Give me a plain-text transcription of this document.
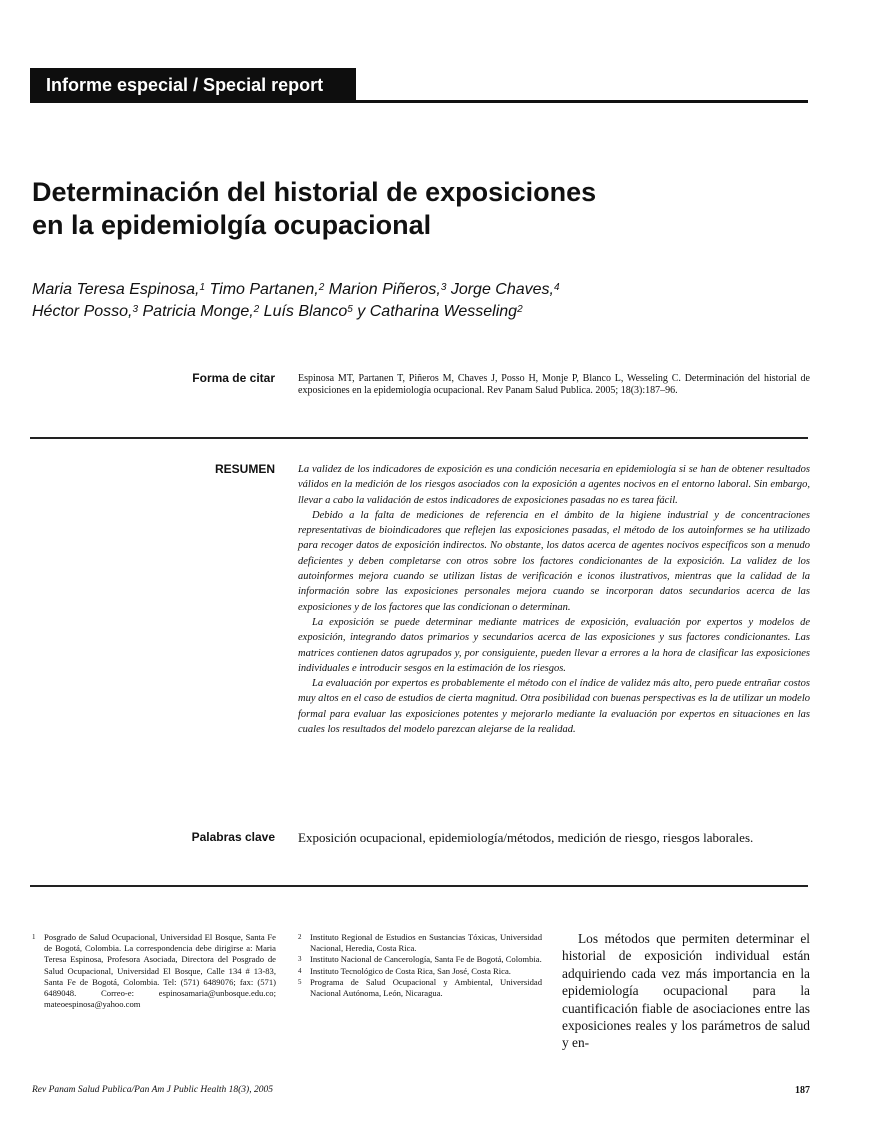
Informe especial / Special report
Determinación del historial de exposiciones
en la epidemiolgía ocupacional
Maria Teresa Espinosa,$^1$ Timo Partanen,$^2$ Marion Piñeros,$^3$ Jorge Chaves,$^4$
Héctor Posso,$^3$ Patricia Monge,$^2$ Luís Blanco$^5$ y Catharina Wesseling$^2$
Forma de citar Espinosa MT, Partanen T, Piñeros M, Chaves J, Posso H, Monje P, Blanco L, Wesseling C. Determinación del historial de exposiciones en la epidemiología ocupacional. Rev Panam Salud Publica. 2005; 18(3):187–96.
RESUMEN La validez de los indicadores de exposición es una condición necesaria en epidemiología si se han de obtener resultados válidos en la medición de los riesgos asociados con la exposición a agentes nocivos en el entorno laboral. Sin embargo, llevar a cabo la validación de estos indicadores de exposiciones pasadas no es tarea fácil.

Debido a la falta de mediciones de referencia en el ámbito de la higiene industrial y de concentraciones representativas de bioindicadores que reflejen las exposiciones pasadas, el método de los autoinformes se ha utilizado para recoger datos de exposición indirectos. No obstante, los datos acerca de agentes nocivos específicos son a menudo deficientes y deben completarse con otros sobre los factores condicionantes de la exposición. La validez de los autoinformes mejora cuando se utilizan listas de verificación e iconos ilustrativos, mientras que la calidad de la información sobre las exposiciones personales mejora cuando se incorporan datos secundarios acerca de las exposiciones y de los factores que las condicionan o determinan.

La exposición se puede determinar mediante matrices de exposición, evaluación por expertos y modelos de exposición, integrando datos primarios y secundarios acerca de las exposiciones y sus factores condicionantes. Las matrices contienen datos agrupados y, por consiguiente, pueden llevar a errores a la hora de clasificar las exposiciones individuales e introducir sesgos en la estimación de los riesgos.

La evaluación por expertos es probablemente el método con el índice de validez más alto, pero puede entrañar costos muy altos en el caso de estudios de cierta magnitud. Otra posibilidad con buenas perspectivas es la de utilizar un modelo formal para evaluar las exposiciones potentes y mejorarlo mediante la evaluación por expertos en situaciones en las cuales los resultados del modelo parezcan alejarse de la realidad.

Palabras clave Exposición ocupacional, epidemiología/métodos, medición de riesgo, riesgos laborales.
1 Posgrado de Salud Ocupacional, Universidad El Bosque, Santa Fe de Bogotá, Colombia. La correspondencia debe dirigirse a: Maria Teresa Espinosa, Profesora Asociada, Directora del Posgrado de Salud Ocupacional, Universidad El Bosque, Calle 134 # 13-83, Santa Fe de Bogotá, Colombia. Tel: (571) 6489076; fax: (571) 6489048. Correo-e: espinosamaria@unbosque.edu.co; mateoespinosa@yahoo.com
2 Instituto Regional de Estudios en Sustancias Tóxicas, Universidad Nacional, Heredia, Costa Rica.
3 Instituto Nacional de Cancerología, Santa Fe de Bogotá, Colombia.
4 Instituto Tecnológico de Costa Rica, San José, Costa Rica.
5 Programa de Salud Ocupacional y Ambiental, Universidad Nacional Autónoma, León, Nicaragua.
Los métodos que permiten determinar el historial de exposición individual están adquiriendo cada vez más importancia en la epidemiología ocupacional para la cuantificación fiable de asociaciones entre las exposiciones reales y los parámetros de salud y en-
Rev Panam Salud Publica/Pan Am J Public Health 18(3), 2005	187
